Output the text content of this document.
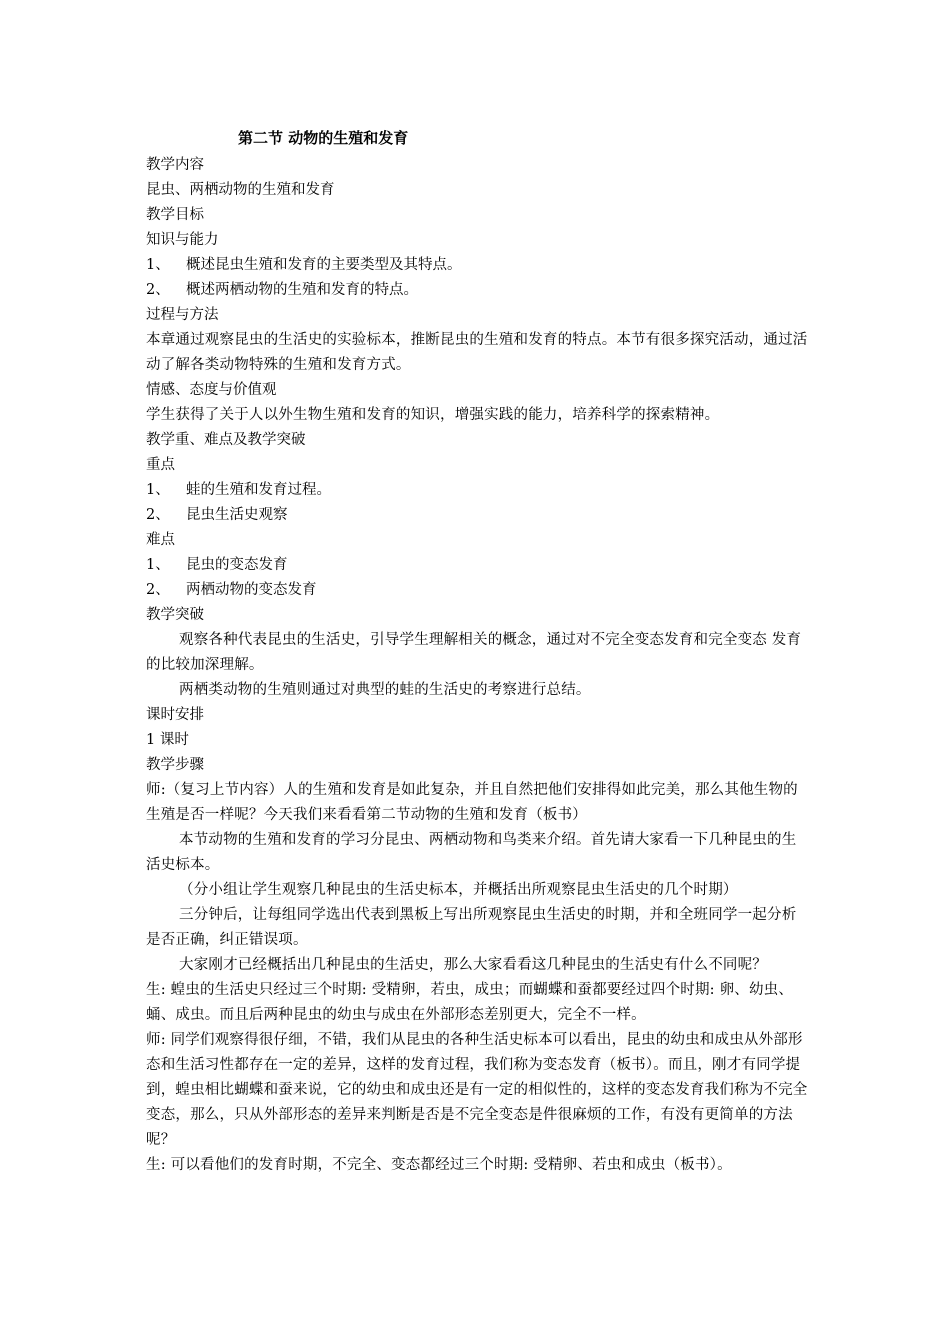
第二节 动物的生殖和发育

教学内容

昆虫、两栖动物的生殖和发育

教学目标

知识与能力

1、 概述昆虫生殖和发育的主要类型及其特点。

2、 概述两栖动物的生殖和发育的特点。

过程与方法

本章通过观察昆虫的生活史的实验标本，推断昆虫的生殖和发育的特点。本节有很多探究活动，通过活动了解各类动物特殊的生殖和发育方式。

情感、态度与价值观

学生获得了关于人以外生物生殖和发育的知识，增强实践的能力，培养科学的探索精神。

教学重、难点及教学突破

重点

1、 蛙的生殖和发育过程。

2、 昆虫生活史观察

难点

1、 昆虫的变态发育

2、 两栖动物的变态发育

教学突破

观察各种代表昆虫的生活史，引导学生理解相关的概念，通过对不完全变态发育和完全变态 发育的比较加深理解。

两栖类动物的生殖则通过对典型的蛙的生活史的考察进行总结。

课时安排

1 课时

教学步骤

师:（复习上节内容）人的生殖和发育是如此复杂，并且自然把他们安排得如此完美，那么其他生物的生殖是否一样呢？今天我们来看看第二节动物的生殖和发育（板书）

本节动物的生殖和发育的学习分昆虫、两栖动物和鸟类来介绍。首先请大家看一下几种昆虫的生活史标本。

（分小组让学生观察几种昆虫的生活史标本，并概括出所观察昆虫生活史的几个时期）

三分钟后，让每组同学选出代表到黑板上写出所观察昆虫生活史的时期，并和全班同学一起分析是否正确，纠正错误项。

大家刚才已经概括出几种昆虫的生活史，那么大家看看这几种昆虫的生活史有什么不同呢？

生: 蝗虫的生活史只经过三个时期: 受精卵，若虫，成虫；而蝴蝶和蚕都要经过四个时期: 卵、幼虫、蛹、成虫。而且后两种昆虫的幼虫与成虫在外部形态差别更大，完全不一样。

师: 同学们观察得很仔细，不错，我们从昆虫的各种生活史标本可以看出，昆虫的幼虫和成虫从外部形态和生活习性都存在一定的差异，这样的发育过程，我们称为变态发育（板书）。而且，刚才有同学提到，蝗虫相比蝴蝶和蚕来说，它的幼虫和成虫还是有一定的相似性的，这样的变态发育我们称为不完全变态，那么，只从外部形态的差异来判断是否是不完全变态是件很麻烦的工作，有没有更简单的方法呢？

生: 可以看他们的发育时期，不完全、变态都经过三个时期: 受精卵、若虫和成虫（板书）。
